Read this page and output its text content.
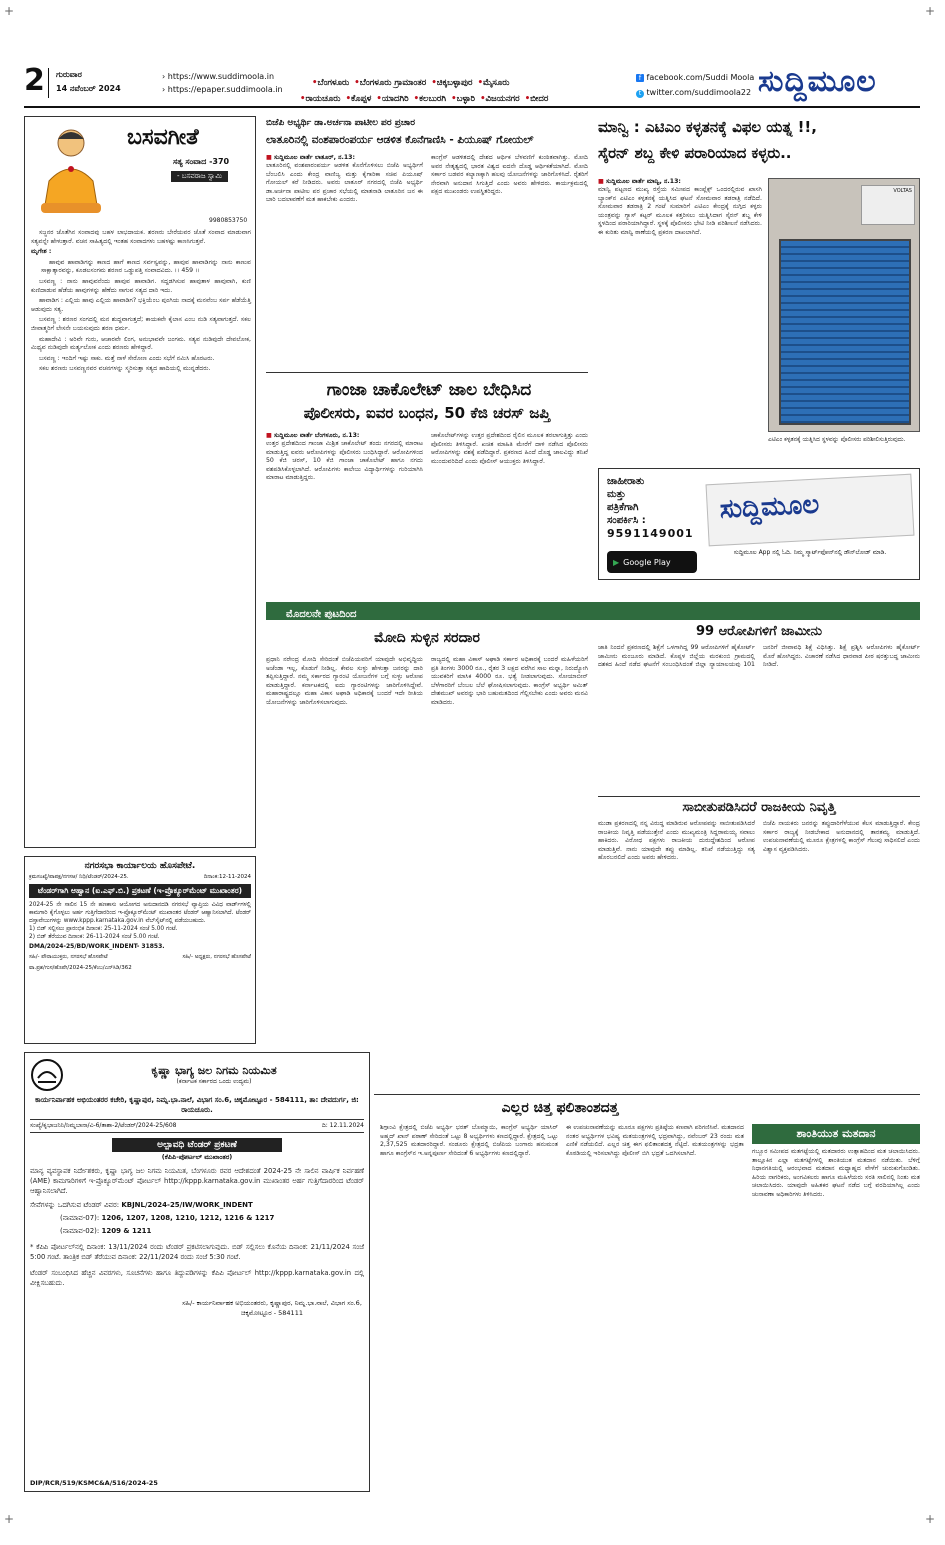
+	+
2 ಗುರುವಾರ
14 ನವೆಂಬರ್ 2024
› https://www.suddimoola.in
› https://epaper.suddimoola.in
•ಬೆಂಗಳೂರು •ಬೆಂಗಳೂರು ಗ್ರಾಮಾಂತರ •ಚಿಕ್ಕಬಳ್ಳಾಪುರ •ಮೈಸೂರು
•ರಾಯಚೂರು •ಕೊಪ್ಪಳ •ಯಾದಗಿರಿ •ಕಲಬುರಗಿ •ಬಳ್ಳಾರಿ •ವಿಜಯನಗರ •ಬೀದರ
f facebook.com/Suddi Moola
t twitter.com/suddimoola22 ಸುದ್ದಿಮೂಲ
ಬಸವಗೀತೆ
ಸತ್ಯ ಸಂವಾದ -370
- ಬಸವರಾಜ ಸ್ವಾಮಿ
9980853750

ಸಜ್ಜನರ ಜೊತೆಗಿನ ಸಂವಾದವು ಬಹಳ ಲಾಭದಾಯಕ. ಶರಣರು ಬೇರೆಯವರ ಜೊತೆ ಸಂವಾದ ಮಾಡುವಾಗ ಸತ್ಯವನ್ನೇ ಹೇಳುತ್ತಾರೆ. ವಚನ ಸಾಹಿತ್ಯದಲ್ಲಿ ಇಂತಹ ಸಂವಾದಗಳು ಬಹಳಷ್ಟು ಕಾಣಸಿಗುತ್ತವೆ.

ಮೃಗೇಶ :

ಹಾವುವ ಹಾವಾಡಿಗನ್ನು ಕಾಣದ ಹಾಗೆ ಕಾಣದ ಸರ್ವಸ್ವವನ್ನು, ಹಾವುವ ಹಾವಾಡಿಗನ್ನು ನಾನು ಕಾಣುವ ಸಾಕ್ಷಾತ್ಕಾರವನ್ನು, ಕೂಡಲಸಂಗಮ ಶರಣರ ಒಡ್ಡುಪತ್ತಿ ಸಂವಾದವಿದು. ।। 459 ।।

ಬಸವಣ್ಣ : ನಾನು ಹಾವುವನೆಂದು ಹಾವುವ ಹಾವಾಡಿಗ. ಸದ್ದಡಗಿಸುವ ಹಾವುತಾಳ ಹಾವುವಾಗಿ, ಕುಣಿ ಕುಣಿದಾಡುವ ಹೆಡೆಯ ಹಾವುಗಳನ್ನು ಹೆಣೆದು ಸಾಗುವ ಸತ್ಯದ ದಾರಿ ಇದು.

ಹಾವಾಡಿಗ : ಎಲ್ಲಿಯ ಹಾವು ಎಲ್ಲಿಯ ಹಾವಾಡಿಗ? ಭಕ್ತಿಯೆಂಬ ಪುಂಗಿಯ ನಾದಕ್ಕೆ ಮನವೆಂಬ ಸರ್ಪ ಹೆಡೆಯೆತ್ತಿ ಆಡುವುದು ಸತ್ಯ.

ಬಸವಣ್ಣ : ಶರಣರ ಸಂಗದಲ್ಲಿ ಮನ ಶುದ್ಧವಾಗುತ್ತದೆ; ಕಾಯಕವೇ ಕೈಲಾಸ ಎಂಬ ನುಡಿ ಸತ್ಯವಾಗುತ್ತದೆ. ಸಕಲ ಜೀವಾತ್ಮರಿಗೆ ಲೇಸನೇ ಬಯಸುವುದು ಶರಣ ಧರ್ಮ.

ಮಹಾದೇವಿ : ಅರಿವೇ ಗುರು, ಆಚಾರವೇ ಲಿಂಗ, ಅನುಭಾವವೇ ಜಂಗಮ. ಸತ್ಯವ ನುಡಿವುದೇ ದೇವಲೋಕ, ಮಿಥ್ಯವ ನುಡಿವುದೇ ಮರ್ತ್ಯಲೋಕ ಎಂದು ಶರಣರು ಹೇಳಿದ್ದಾರೆ.

ಬಸವಣ್ಣ : ಇಂದಿಗೆ ಇಷ್ಟು ಸಾಕು. ಮತ್ತೆ ನಾಳೆ ಸೇರೋಣ ಎಂದು ಸಭೆಗೆ ನಮಿಸಿ ಹೊರಟರು.

ಸಕಲ ಶರಣರು ಬಸವಣ್ಣನವರ ವಚನಗಳನ್ನು ಸ್ಮರಿಸುತ್ತಾ ಸತ್ಯದ ಹಾದಿಯಲ್ಲಿ ಮುನ್ನಡೆದರು.

ನಗರಸಭಾ ಕಾರ್ಯಾಲಯ ಹೊಸಪೇಟೆ.
ಕ್ರಮಸಂಖ್ಯೆ/ಪಾಪಕ್ಷ/ನಗಸಆ/ ನಿಧಿ/ಟೆಂಡರ್/2024-25.	ದಿನಾಂಕ:12-11-2024
ಟೆಂಡರ್‌ಗಾಗಿ ಆಹ್ವಾನ (ಐ.ಎಫ್.ಬಿ.) ಪ್ರಕಟಣೆ (ಇ-ಪ್ರೊಕ್ಯೂರ್‌ಮೆಂಟ್ ಮುಖಾಂತರ)
2024-25 ನೇ ಸಾಲಿನ 15 ನೇ ಹಣಕಾಸು ಆಯೋಗದ ಅನುದಾನದಡಿ ನಗರಸಭೆ ವ್ಯಾಪ್ತಿಯ ವಿವಿಧ ವಾರ್ಡ್‌ಗಳಲ್ಲಿ ಕಾಮಗಾರಿ ಕೈಗೊಳ್ಳಲು ಅರ್ಹ ಗುತ್ತಿಗೆದಾರರಿಂದ ಇ-ಪ್ರೊಕ್ಯೂರ್‌ಮೆಂಟ್ ಮುಖಾಂತರ ಟೆಂಡರ್ ಆಹ್ವಾನಿಸಲಾಗಿದೆ. ಟೆಂಡರ್ ದಸ್ತಾವೇಜುಗಳನ್ನು www.kppp.karnataka.gov.in ವೆಬ್‌ಸೈಟ್‌ನಲ್ಲಿ ಪಡೆಯಬಹುದು.
1) ಬಿಡ್ ಸಲ್ಲಿಸಲು ಪ್ರಾರಂಭಿಕ ದಿನಾಂಕ: 25-11-2024 ಸಂಜೆ 5.00 ಗಂಟೆ.
2) ಬಿಡ್ ತೆರೆಯುವ ದಿನಾಂಕ: 26-11-2024 ಸಂಜೆ 5.00 ಗಂಟೆ.
DMA/2024-25/BD/WORK_INDENT- 31853.
ಸಹಿ/- ಪೌರಾಯುಕ್ತರು, ನಗರಸಭೆ ಹೊಸಪೇಟೆ	ಸಹಿ/- ಅಧ್ಯಕ್ಷರು, ನಗರಸಭೆ ಹೊಸಪೇಟೆ
ವಾ.ಪ್ರಶ/ಗುಸ/ಹೊಪೇ/2024-25/ಕೆಂಬ/ಎನ್‌ಸಿಡಿ/362
ಕೃಷ್ಣಾ ಭಾಗ್ಯ ಜಲ ನಿಗಮ ನಿಯಮಿತ
(ಕರ್ನಾಟಕ ಸರ್ಕಾರದ ಒಂದು ಉದ್ಯಮ)
ಕಾರ್ಯನಿರ್ವಾಹಕ ಅಭಿಯಂತರರ ಕಚೇರಿ, ಕೃಷ್ಣಾಪುರ, ನಿಮ್ನ.ಭಾ.ನಾಲೆ, ವಿಭಾಗ ಸಂ.6, ಚಿಕ್ಕಮೋಟ್ಟೂರ - 584111, ತಾ: ದೇವದುರ್ಗ, ಜಿ: ರಾಯಚೂರು.
ಸಂಖ್ಯೆ/ಕೃಭಾಜನಿನಿ/ನಿಮ್ನಬಾನಾ/ವಿ-6/ತಾಶಾ-2/ಟೆಂಡರ್/2024-25/608	ದಿ: 12.11.2024
ಅಲ್ಪಾವಧಿ ಟೆಂಡರ್ ಪ್ರಕಟಣೆ
(ಕೆಪಿಪಿ-ಪೋರ್ಟಲ್ ಮುಖಾಂತರ)
ಮಾನ್ಯ ವ್ಯವಸ್ಥಾಪಕ ನಿರ್ದೇಶಕರು, ಕೃಷ್ಣಾ ಭಾಗ್ಯ ಜಲ ನಿಗಮ ನಿಯಮಿತ, ಬೆಂಗಳೂರು ರವರ ಆದೇಶದಂತೆ 2024-25 ನೇ ಸಾಲಿನ ವಾರ್ಷಿಕ ನಿರ್ವಹಣೆ (AME) ಕಾಮಗಾರಿಗಳಿಗೆ ಇ-ಪ್ರೊಕ್ಯೂರ್‌ಮೆಂಟ್ ಪೋರ್ಟಲ್ http://kppp.karnataka.gov.in ಮುಖಾಂತರ ಅರ್ಹ ಗುತ್ತಿಗೆದಾರರಿಂದ ಟೆಂಡರ್ ಆಹ್ವಾನಿಸಲಾಗಿದೆ.
ಸೇವೆಗಳನ್ನು ಒದಗಿಸುವ ಟೆಂಡರ್ ವಿವರ: KBJNL/2024-25/IW/WORK_INDENT
(ನಾಮಾವ-07): 1206, 1207, 1208, 1210, 1212, 1216 & 1217
(ನಾಮಾವ-02): 1209 & 1211
* ಕೆಪಿಪಿ ಪೋರ್ಟಲ್‌ನಲ್ಲಿ ದಿನಾಂಕ: 13/11/2024 ರಂದು ಟೆಂಡರ್ ಪ್ರಕಟಿಸಲಾಗುವುದು. ಬಿಡ್ ಸಲ್ಲಿಸಲು ಕೊನೆಯ ದಿನಾಂಕ: 21/11/2024 ಸಂಜೆ 5:00 ಗಂಟೆ. ತಾಂತ್ರಿಕ ಬಿಡ್ ತೆರೆಯುವ ದಿನಾಂಕ: 22/11/2024 ರಂದು ಸಂಜೆ 5:30 ಗಂಟೆ.
ಟೆಂಡರ್ ಸಂಬಂಧಿಸಿದ ಹೆಚ್ಚಿನ ವಿವರಗಳು, ಸೂಚನೆಗಳು ಹಾಗೂ ತಿದ್ದುಪಡಿಗಳನ್ನು ಕೆಪಿಪಿ ಪೋರ್ಟಲ್ http://kppp.karnataka.gov.in ದಲ್ಲಿ ವೀಕ್ಷಿಸಬಹುದು.
ಸಹಿ/- ಕಾರ್ಯನಿರ್ವಾಹಕ ಅಭಿಯಂತರರು, ಕೃಷ್ಣಾಪುರ, ನಿಮ್ನ.ಭಾ.ನಾಲೆ, ವಿಭಾಗ ಸಂ.6, ಚಿಕ್ಕಮೋಟ್ಟೂರ - 584111
DIP/RCR/519/KSMC&A/516/2024-25
ಬಿಜೆಪಿ ಅಭ್ಯರ್ಥಿ ಡಾ.ಅರ್ಚನಾ ಪಾಟೀಲ ಪರ ಪ್ರಚಾರ
ಲಾತೂರಿನಲ್ಲಿ ವಂಶಪಾರಂಪರ್ಯ ಆಡಳಿತ ಕೊನೆಗಾಣಿಸಿ - ಪಿಯೂಷ್ ಗೋಯಲ್
■ ಸುದ್ದಿಮೂಲ ವಾರ್ತೆ ಲಾತೂರ್, ನ.13:
ಲಾತೂರಿನಲ್ಲಿ ವಂಶಪಾರಂಪರ್ಯ ಆಡಳಿತ ಕೊನೆಗೊಳಿಸಲು ಬಿಜೆಪಿ ಅಭ್ಯರ್ಥಿಗೆ ಬೆಂಬಲಿಸಿ ಎಂದು ಕೇಂದ್ರ ವಾಣಿಜ್ಯ ಮತ್ತು ಕೈಗಾರಿಕಾ ಸಚಿವ ಪಿಯೂಷ್ ಗೋಯಲ್ ಕರೆ ನೀಡಿದರು. ಅವರು ಲಾತೂರ್ ನಗರದಲ್ಲಿ ಬಿಜೆಪಿ ಅಭ್ಯರ್ಥಿ ಡಾ.ಅರ್ಚನಾ ಪಾಟೀಲ ಪರ ಪ್ರಚಾರ ಸಭೆಯಲ್ಲಿ ಮಾತನಾಡಿ ಲಾತೂರಿನ ಜನ ಈ ಬಾರಿ ಬದಲಾವಣೆಗೆ ಮತ ಹಾಕಬೇಕು ಎಂದರು.
ಕಾಂಗ್ರೆಸ್ ಆಡಳಿತದಲ್ಲಿ ದೇಶದ ಆರ್ಥಿಕ ಬೆಳವಣಿಗೆ ಕುಂಠಿತವಾಗಿತ್ತು. ಮೋದಿ ಅವರ ನೇತೃತ್ವದಲ್ಲಿ ಭಾರತ ವಿಶ್ವದ ಐದನೇ ದೊಡ್ಡ ಆರ್ಥಿಕತೆಯಾಗಿದೆ. ಮೋದಿ ಸರ್ಕಾರ ಬಡವರ ಕಲ್ಯಾಣಕ್ಕಾಗಿ ಹಲವು ಯೋಜನೆಗಳನ್ನು ಜಾರಿಗೊಳಿಸಿದೆ. ರೈತರಿಗೆ ನೇರವಾಗಿ ಅನುದಾನ ಸಿಗುತ್ತಿದೆ ಎಂದು ಅವರು ಹೇಳಿದರು. ಕಾರ್ಯಕ್ರಮದಲ್ಲಿ ಪಕ್ಷದ ಮುಖಂಡರು ಉಪಸ್ಥಿತರಿದ್ದರು.
ಗಾಂಜಾ ಚಾಕೊಲೇಟ್ ಜಾಲ ಬೇಧಿಸಿದ
ಪೊಲೀಸರು, ಐವರ ಬಂಧನ, 50 ಕೆಜಿ ಚರಸ್ ಜಪ್ತಿ
■ ಸುದ್ದಿಮೂಲ ವಾರ್ತೆ ಬೆಂಗಳೂರು, ನ.13:
ಉತ್ತರ ಪ್ರದೇಶದಿಂದ ಗಾಂಜಾ ಮಿಶ್ರಿತ ಚಾಕೊಲೇಟ್ ತಂದು ನಗರದಲ್ಲಿ ಮಾರಾಟ ಮಾಡುತ್ತಿದ್ದ ಐವರು ಆರೋಪಿಗಳನ್ನು ಪೊಲೀಸರು ಬಂಧಿಸಿದ್ದಾರೆ. ಆರೋಪಿಗಳಿಂದ 50 ಕೆಜಿ ಚರಸ್, 10 ಕೆಜಿ ಗಾಂಜಾ ಚಾಕೊಲೇಟ್ ಹಾಗೂ ನಗದು ವಶಪಡಿಸಿಕೊಳ್ಳಲಾಗಿದೆ. ಆರೋಪಿಗಳು ಕಾಲೇಜು ವಿದ್ಯಾರ್ಥಿಗಳನ್ನು ಗುರಿಯಾಗಿಸಿ ಮಾರಾಟ ಮಾಡುತ್ತಿದ್ದರು.
ಚಾಕೊಲೇಟ್‌ಗಳನ್ನು ಉತ್ತರ ಪ್ರದೇಶದಿಂದ ರೈಲಿನ ಮೂಲಕ ತರಲಾಗುತ್ತಿತ್ತು ಎಂದು ಪೊಲೀಸರು ತಿಳಿಸಿದ್ದಾರೆ. ಖಚಿತ ಮಾಹಿತಿ ಮೇರೆಗೆ ದಾಳಿ ನಡೆಸಿದ ಪೊಲೀಸರು ಆರೋಪಿಗಳನ್ನು ವಶಕ್ಕೆ ಪಡೆದಿದ್ದಾರೆ. ಪ್ರಕರಣದ ಹಿಂದೆ ದೊಡ್ಡ ಜಾಲವಿದ್ದು ತನಿಖೆ ಮುಂದುವರಿದಿದೆ ಎಂದು ಪೊಲೀಸ್ ಆಯುಕ್ತರು ತಿಳಿಸಿದ್ದಾರೆ.
ಮಾನ್ವಿ : ಎಟಿಎಂ ಕಳ್ಳತನಕ್ಕೆ ವಿಫಲ ಯತ್ನ !!,
ಸೈರನ್ ಶಬ್ದ ಕೇಳಿ ಪರಾರಿಯಾದ ಕಳ್ಳರು..
■ ಸುದ್ದಿಮೂಲ ವಾರ್ತೆ ಮಾನ್ವಿ, ನ.13:
ಮಾನ್ವಿ ಪಟ್ಟಣದ ಮುಖ್ಯ ರಸ್ತೆಯ ಸಮೀಪದ ಕಾಂಪ್ಲೆಕ್ಸ್ ಒಂದರಲ್ಲಿರುವ ಖಾಸಗಿ ಬ್ಯಾಂಕ್‌ನ ಎಟಿಎಂ ಕಳ್ಳತನಕ್ಕೆ ಯತ್ನಿಸಿದ ಘಟನೆ ಸೋಮವಾರ ತಡರಾತ್ರಿ ನಡೆದಿದೆ. ಸೋಮವಾರ ತಡರಾತ್ರಿ 2 ಗಂಟೆ ಸುಮಾರಿಗೆ ಎಟಿಎಂ ಕೇಂದ್ರಕ್ಕೆ ನುಗ್ಗಿದ ಕಳ್ಳರು ಯಂತ್ರವನ್ನು ಗ್ಯಾಸ್ ಕಟ್ಟರ್ ಮೂಲಕ ಕತ್ತರಿಸಲು ಯತ್ನಿಸಿದಾಗ ಸೈರನ್ ಶಬ್ದ ಕೇಳಿ ಸ್ಥಳದಿಂದ ಪರಾರಿಯಾಗಿದ್ದಾರೆ. ಸ್ಥಳಕ್ಕೆ ಪೊಲೀಸರು ಭೇಟಿ ನೀಡಿ ಪರಿಶೀಲನೆ ನಡೆಸಿದರು. ಈ ಕುರಿತು ಮಾನ್ವಿ ಠಾಣೆಯಲ್ಲಿ ಪ್ರಕರಣ ದಾಖಲಾಗಿದೆ.
VOLTAS
ಎಟಿಎಂ ಕಳ್ಳತನಕ್ಕೆ ಯತ್ನಿಸಿದ ಸ್ಥಳವನ್ನು ಪೊಲೀಸರು ಪರಿಶೀಲಿಸುತ್ತಿರುವುದು.
ಜಾಹೀರಾತು
ಮತ್ತು
ಪತ್ರಿಕೆಗಾಗಿ
ಸಂಪರ್ಕಿಸಿ :
9591149001
▶ Google Play
ಸುದ್ದಿಮೂಲ
ಸುದ್ದಿಮೂಲ App ನಲ್ಲಿ ಓದಿ. ನಿಮ್ಮ ಸ್ಮಾರ್ಟ್‌ಫೋನ್‌ನಲ್ಲಿ ಡೌನ್‌ಲೋಡ್ ಮಾಡಿ.
ಮೊದಲನೇ ಪುಟದಿಂದ
ಮೋದಿ ಸುಳ್ಳಿನ ಸರದಾರ
ಪ್ರಧಾನಿ ನರೇಂದ್ರ ಮೋದಿ ಸೇರಿದಂತೆ ಬಿಜೆಪಿಯವರಿಗೆ ಯಾವುದೇ ಅಭಿವೃದ್ಧಿಯ ಅಜೆಂಡಾ ಇಲ್ಲ, ಕೊಡುಗೆ ನೀಡಿಲ್ಲ. ಕೇವಲ ಸುಳ್ಳು ಹೇಳುತ್ತಾ ಜನರನ್ನು ದಾರಿ ತಪ್ಪಿಸುತ್ತಿದ್ದಾರೆ. ನಮ್ಮ ಸರ್ಕಾರದ ಗ್ಯಾರಂಟಿ ಯೋಜನೆಗಳ ಬಗ್ಗೆ ಸುಳ್ಳು ಆರೋಪ ಮಾಡುತ್ತಿದ್ದಾರೆ. ಕರ್ನಾಟಕದಲ್ಲಿ ಐದು ಗ್ಯಾರಂಟಿಗಳನ್ನು ಜಾರಿಗೊಳಿಸಿದ್ದೇವೆ. ಮಹಾರಾಷ್ಟ್ರದಲ್ಲೂ ಮಹಾ ವಿಕಾಸ ಅಘಾಡಿ ಅಧಿಕಾರಕ್ಕೆ ಬಂದರೆ ಇದೇ ರೀತಿಯ ಯೋಜನೆಗಳನ್ನು ಜಾರಿಗೊಳಿಸಲಾಗುವುದು.
ರಾಜ್ಯದಲ್ಲಿ ಮಹಾ ವಿಕಾಸ್ ಅಘಾಡಿ ಸರ್ಕಾರ ಅಧಿಕಾರಕ್ಕೆ ಬಂದರೆ ಮಹಿಳೆಯರಿಗೆ ಪ್ರತಿ ತಿಂಗಳು 3000 ರೂ., ರೈತರ 3 ಲಕ್ಷದ ವರೆಗಿನ ಸಾಲ ಮನ್ನಾ, ನಿರುದ್ಯೋಗಿ ಯುವಕರಿಗೆ ಮಾಸಿಕ 4000 ರೂ. ಭತ್ಯೆ ನೀಡಲಾಗುವುದು. ಸೋಯಾಬೀನ್ ಬೆಳೆಗಾರರಿಗೆ ಬೆಂಬಲ ಬೆಲೆ ಘೋಷಿಸಲಾಗುವುದು. ಕಾಂಗ್ರೆಸ್ ಅಭ್ಯರ್ಥಿ ಅಮಿತ್ ದೇಶಮುಖ್ ಅವರನ್ನು ಭಾರಿ ಬಹುಮತದಿಂದ ಗೆಲ್ಲಿಸಬೇಕು ಎಂದು ಅವರು ಮನವಿ ಮಾಡಿದರು.
99 ಆರೋಪಿಗಳಿಗೆ ಜಾಮೀನು
ಜಾತಿ ನಿಂದನೆ ಪ್ರಕರಣದಲ್ಲಿ ಶಿಕ್ಷೆಗೆ ಒಳಗಾಗಿದ್ದ 99 ಆರೋಪಿಗಳಿಗೆ ಹೈಕೋರ್ಟ್ ಜಾಮೀನು ಮಂಜೂರು ಮಾಡಿದೆ. ಕೊಪ್ಪಳ ಜಿಲ್ಲೆಯ ಮರಕುಂಬಿ ಗ್ರಾಮದಲ್ಲಿ ದಶಕದ ಹಿಂದೆ ನಡೆದ ಘಟನೆಗೆ ಸಂಬಂಧಿಸಿದಂತೆ ಜಿಲ್ಲಾ ನ್ಯಾಯಾಲಯವು 101 ಜನರಿಗೆ ಜೀವಾವಧಿ ಶಿಕ್ಷೆ ವಿಧಿಸಿತ್ತು. ಶಿಕ್ಷೆ ಪ್ರಶ್ನಿಸಿ ಆರೋಪಿಗಳು ಹೈಕೋರ್ಟ್ ಮೊರೆ ಹೋಗಿದ್ದರು. ವಿಚಾರಣೆ ನಡೆಸಿದ ಧಾರವಾಡ ಪೀಠ ಷರತ್ತುಬದ್ಧ ಜಾಮೀನು ನೀಡಿದೆ.
ಸಾಬೀತುಪಡಿಸಿದರೆ ರಾಜಕೀಯ ನಿವೃತ್ತಿ
ಮುಡಾ ಪ್ರಕರಣದಲ್ಲಿ ನನ್ನ ವಿರುದ್ಧ ಮಾಡಿರುವ ಆರೋಪವನ್ನು ಸಾಬೀತುಪಡಿಸಿದರೆ ರಾಜಕೀಯ ನಿವೃತ್ತಿ ಪಡೆಯುತ್ತೇನೆ ಎಂದು ಮುಖ್ಯಮಂತ್ರಿ ಸಿದ್ದರಾಮಯ್ಯ ಸವಾಲು ಹಾಕಿದರು. ವಿರೋಧ ಪಕ್ಷಗಳು ರಾಜಕೀಯ ದುರುದ್ದೇಶದಿಂದ ಆರೋಪ ಮಾಡುತ್ತಿವೆ. ನಾನು ಯಾವುದೇ ತಪ್ಪು ಮಾಡಿಲ್ಲ. ತನಿಖೆ ನಡೆಯುತ್ತಿದ್ದು ಸತ್ಯ ಹೊರಬರಲಿದೆ ಎಂದು ಅವರು ಹೇಳಿದರು.
ಬಿಜೆಪಿ ನಾಯಕರು ಜನರನ್ನು ತಪ್ಪುದಾರಿಗೆಳೆಯುವ ಕೆಲಸ ಮಾಡುತ್ತಿದ್ದಾರೆ. ಕೇಂದ್ರ ಸರ್ಕಾರ ರಾಜ್ಯಕ್ಕೆ ನೀಡಬೇಕಾದ ಅನುದಾನದಲ್ಲಿ ತಾರತಮ್ಯ ಮಾಡುತ್ತಿದೆ. ಉಪಚುನಾವಣೆಯಲ್ಲಿ ಮೂರೂ ಕ್ಷೇತ್ರಗಳಲ್ಲಿ ಕಾಂಗ್ರೆಸ್ ಗೆಲುವು ಸಾಧಿಸಲಿದೆ ಎಂದು ವಿಶ್ವಾಸ ವ್ಯಕ್ತಪಡಿಸಿದರು.
ಎಲ್ಲರ ಚಿತ್ತ ಫಲಿತಾಂಶದತ್ತ
ಶಿಗ್ಗಾಂವಿ ಕ್ಷೇತ್ರದಲ್ಲಿ ಬಿಜೆಪಿ ಅಭ್ಯರ್ಥಿ ಭರತ್ ಬೊಮ್ಮಾಯಿ, ಕಾಂಗ್ರೆಸ್ ಅಭ್ಯರ್ಥಿ ಯಾಸಿರ್ ಅಹ್ಮದ್ ಖಾನ್ ಪಠಾಣ್ ಸೇರಿದಂತೆ ಒಟ್ಟು 8 ಅಭ್ಯರ್ಥಿಗಳು ಕಣದಲ್ಲಿದ್ದಾರೆ. ಕ್ಷೇತ್ರದಲ್ಲಿ ಒಟ್ಟು 2,37,525 ಮತದಾರರಿದ್ದಾರೆ. ಸಂಡೂರು ಕ್ಷೇತ್ರದಲ್ಲಿ ಬಿಜೆಪಿಯ ಬಂಗಾರು ಹನುಮಂತ ಹಾಗೂ ಕಾಂಗ್ರೆಸ್‌ನ ಇ.ಅನ್ನಪೂರ್ಣ ಸೇರಿದಂತೆ 6 ಅಭ್ಯರ್ಥಿಗಳು ಕಣದಲ್ಲಿದ್ದಾರೆ.
ಈ ಉಪಚುನಾವಣೆಯನ್ನು ಮೂರೂ ಪಕ್ಷಗಳು ಪ್ರತಿಷ್ಠೆಯ ಕಣವಾಗಿ ಪರಿಗಣಿಸಿವೆ. ಮತದಾನದ ನಂತರ ಅಭ್ಯರ್ಥಿಗಳ ಭವಿಷ್ಯ ಮತಯಂತ್ರಗಳಲ್ಲಿ ಭದ್ರವಾಗಿದ್ದು, ನವೆಂಬರ್ 23 ರಂದು ಮತ ಎಣಿಕೆ ನಡೆಯಲಿದೆ. ಎಲ್ಲರ ಚಿತ್ತ ಈಗ ಫಲಿತಾಂಶದತ್ತ ನೆಟ್ಟಿದೆ. ಮತಯಂತ್ರಗಳನ್ನು ಭದ್ರತಾ ಕೊಠಡಿಯಲ್ಲಿ ಇರಿಸಲಾಗಿದ್ದು ಪೊಲೀಸ್ ಬಿಗಿ ಭದ್ರತೆ ಒದಗಿಸಲಾಗಿದೆ.
ಶಾಂತಿಯುತ ಮತದಾನ
ಗಬ್ಬೂರ ಸಮೀಪದ ಮತಗಟ್ಟೆಯಲ್ಲಿ ಮತದಾರರು ಉತ್ಸಾಹದಿಂದ ಮತ ಚಲಾಯಿಸಿದರು. ತಾಲ್ಲೂಕಿನ ಎಲ್ಲಾ ಮತಗಟ್ಟೆಗಳಲ್ಲಿ ಶಾಂತಿಯುತ ಮತದಾನ ನಡೆಯಿತು. ಬೆಳಿಗ್ಗೆ ನಿಧಾನಗತಿಯಲ್ಲಿ ಆರಂಭವಾದ ಮತದಾನ ಮಧ್ಯಾಹ್ನದ ವೇಳೆಗೆ ಚುರುಕುಗೊಂಡಿತು. ಹಿರಿಯ ನಾಗರಿಕರು, ಅಂಗವಿಕಲರು ಹಾಗೂ ಮಹಿಳೆಯರು ಸರತಿ ಸಾಲಿನಲ್ಲಿ ನಿಂತು ಮತ ಚಲಾಯಿಸಿದರು. ಯಾವುದೇ ಅಹಿತಕರ ಘಟನೆ ನಡೆದ ಬಗ್ಗೆ ವರದಿಯಾಗಿಲ್ಲ ಎಂದು ಚುನಾವಣಾ ಅಧಿಕಾರಿಗಳು ತಿಳಿಸಿದರು.
+	+
